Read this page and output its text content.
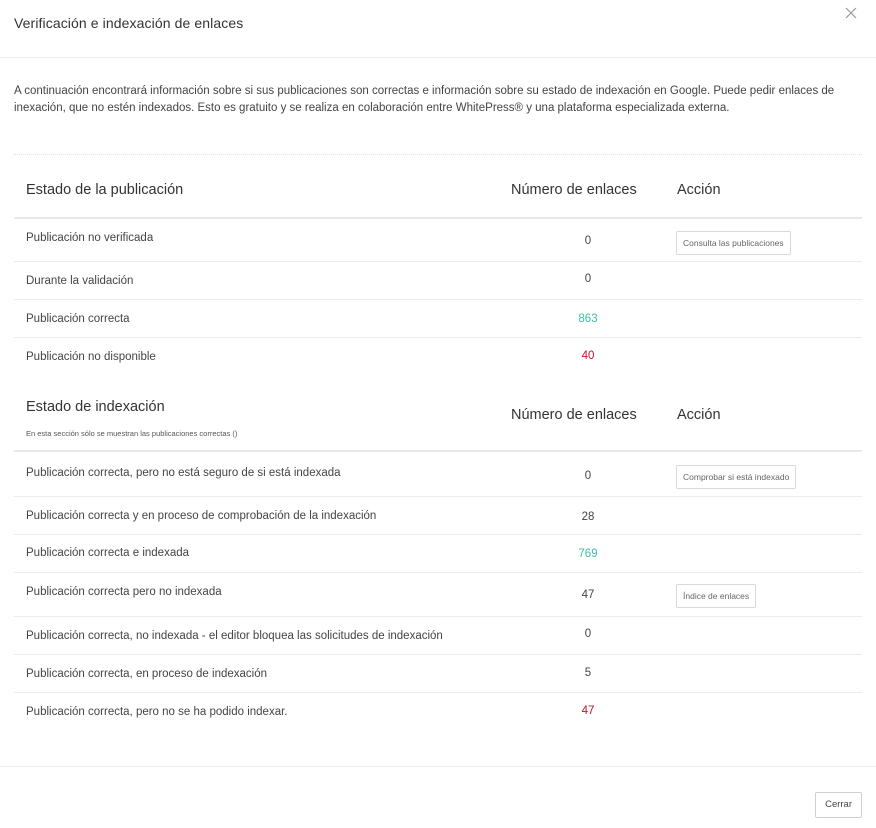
Verificación e indexación de enlaces
A continuación encontrará información sobre si sus publicaciones son correctas e información sobre su estado de indexación en Google. Puede pedir enlaces de inexación, que no estén indexados. Esto es gratuito y se realiza en colaboración entre WhitePress® y una plataforma especializada externa.
Estado de la publicación	Número de enlaces	Acción
Publicación no verificada	0	Consulta las publicaciones
Durante la validación	0
Publicación correcta	863
Publicación no disponible	40
Estado de indexación
En esta sección sólo se muestran las publicaciones correctas ()
Número de enlaces	Acción
Publicación correcta, pero no está seguro de si está indexada	0	Comprobar si está indexado
Publicación correcta y en proceso de comprobación de la indexación	28
Publicación correcta e indexada	769
Publicación correcta pero no indexada	47	Índice de enlaces
Publicación correcta, no indexada - el editor bloquea las solicitudes de indexación	0
Publicación correcta, en proceso de indexación	5
Publicación correcta, pero no se ha podido indexar.	47
Cerrar
